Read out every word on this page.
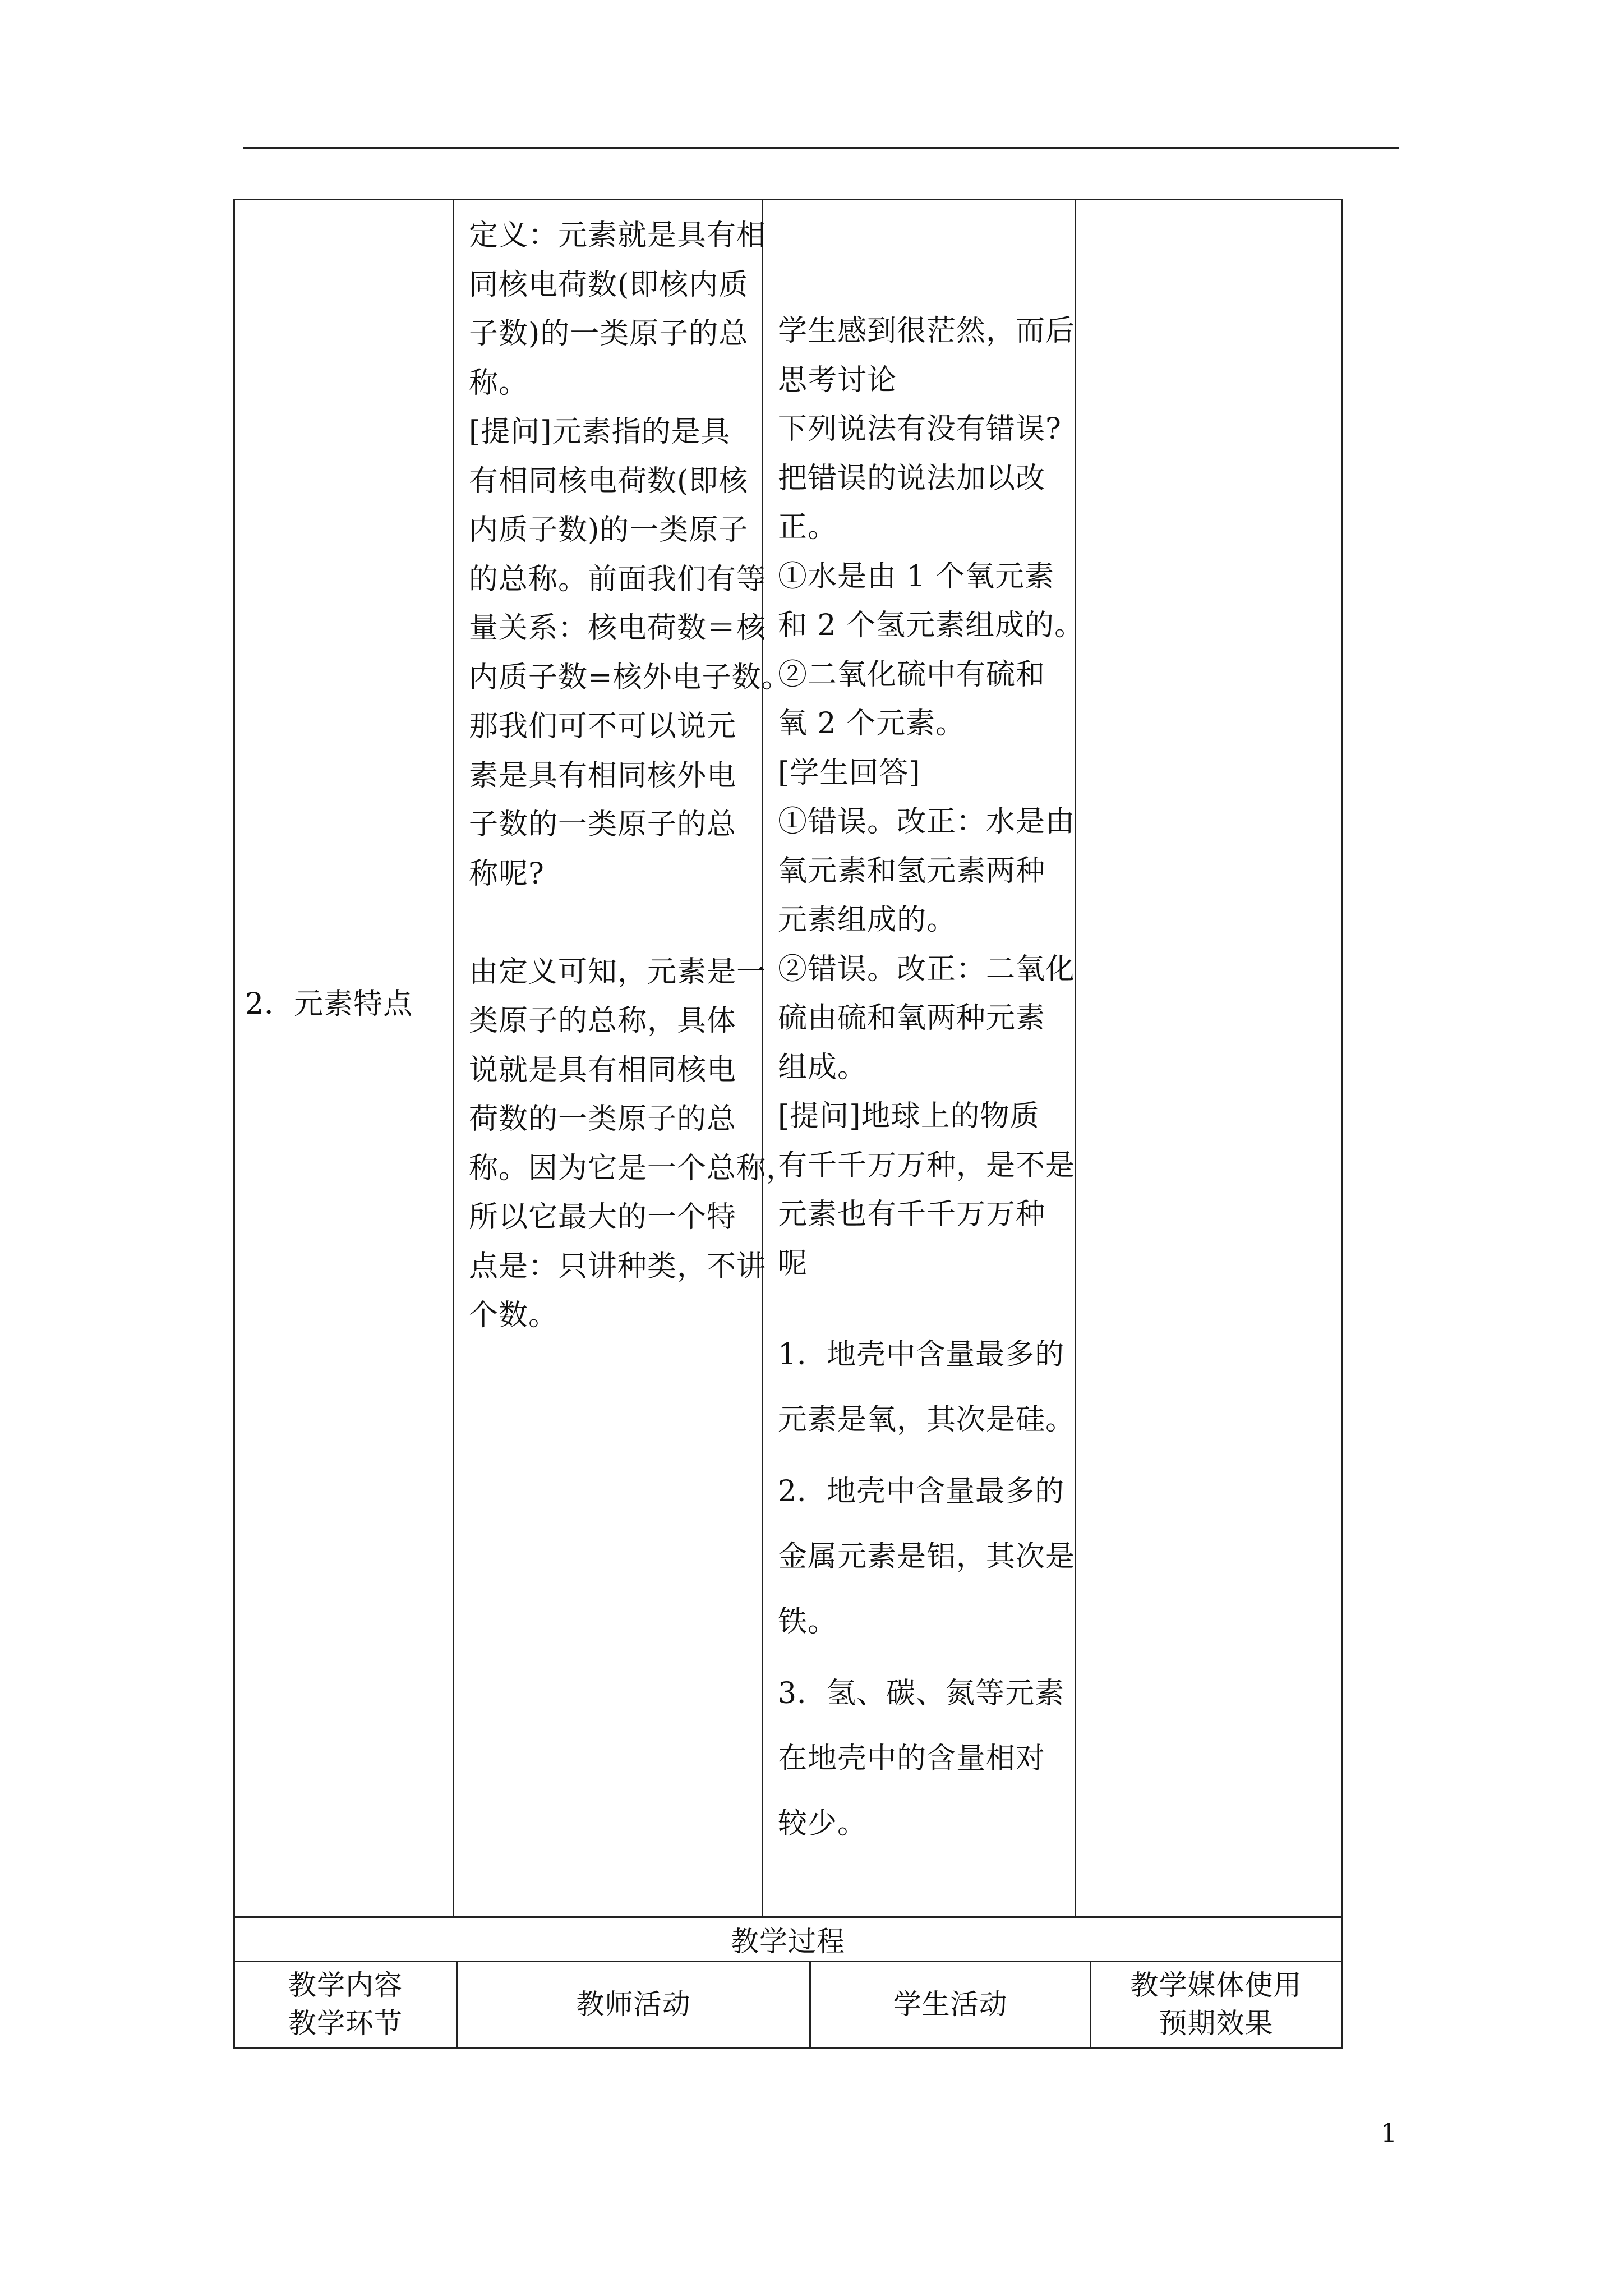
2．元素特点

定义：元素就是具有相

同核电荷数(即核内质

子数)的一类原子的总

称。

[提问]元素指的是具

有相同核电荷数(即核

内质子数)的一类原子

的总称。前面我们有等

量关系：核电荷数＝核

内质子数=核外电子数。

那我们可不可以说元

素是具有相同核外电

子数的一类原子的总

称呢?

由定义可知，元素是一

类原子的总称，具体

说就是具有相同核电

荷数的一类原子的总

称。因为它是一个总称，

所以它最大的一个特

点是：只讲种类，不讲

个数。

学生感到很茫然，而后

思考讨论

下列说法有没有错误?

把错误的说法加以改

正。

①水是由 1 个氧元素

和 2 个氢元素组成的。

②二氧化硫中有硫和

氧 2 个元素。

[学生回答]

①错误。改正：水是由

氧元素和氢元素两种

元素组成的。

②错误。改正：二氧化

硫由硫和氧两种元素

组成。

[提问]地球上的物质

有千千万万种，是不是

元素也有千千万万种

呢

1．地壳中含量最多的

元素是氧，其次是硅。

2．地壳中含量最多的

金属元素是铝，其次是

铁。

3．氢、碳、氮等元素

在地壳中的含量相对

较少。

教学过程
教学内容
教学环节
教师活动	学生活动
教学媒体使用
预期效果
1
